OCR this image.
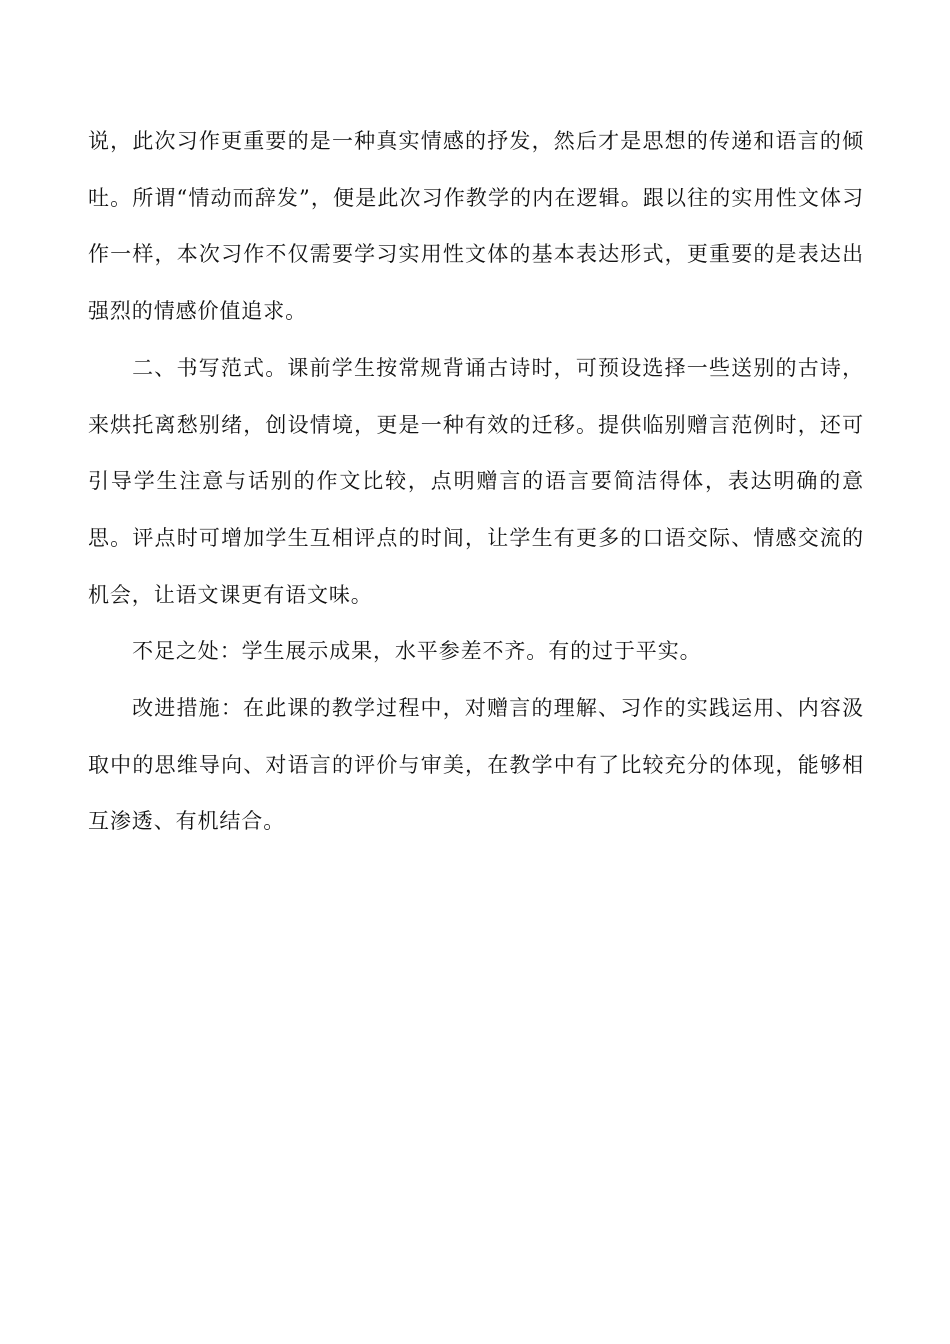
说，此次习作更重要的是一种真实情感的抒发，然后才是思想的传递和语言的倾吐。所谓“情动而辞发”，便是此次习作教学的内在逻辑。跟以往的实用性文体习作一样，本次习作不仅需要学习实用性文体的基本表达形式，更重要的是表达出强烈的情感价值追求。

二、书写范式。课前学生按常规背诵古诗时，可预设选择一些送别的古诗，来烘托离愁别绪，创设情境，更是一种有效的迁移。提供临别赠言范例时，还可引导学生注意与话别的作文比较，点明赠言的语言要简洁得体，表达明确的意思。评点时可增加学生互相评点的时间，让学生有更多的口语交际、情感交流的机会，让语文课更有语文味。

不足之处：学生展示成果，水平参差不齐。有的过于平实。

改进措施：在此课的教学过程中，对赠言的理解、习作的实践运用、内容汲取中的思维导向、对语言的评价与审美，在教学中有了比较充分的体现，能够相互渗透、有机结合。
